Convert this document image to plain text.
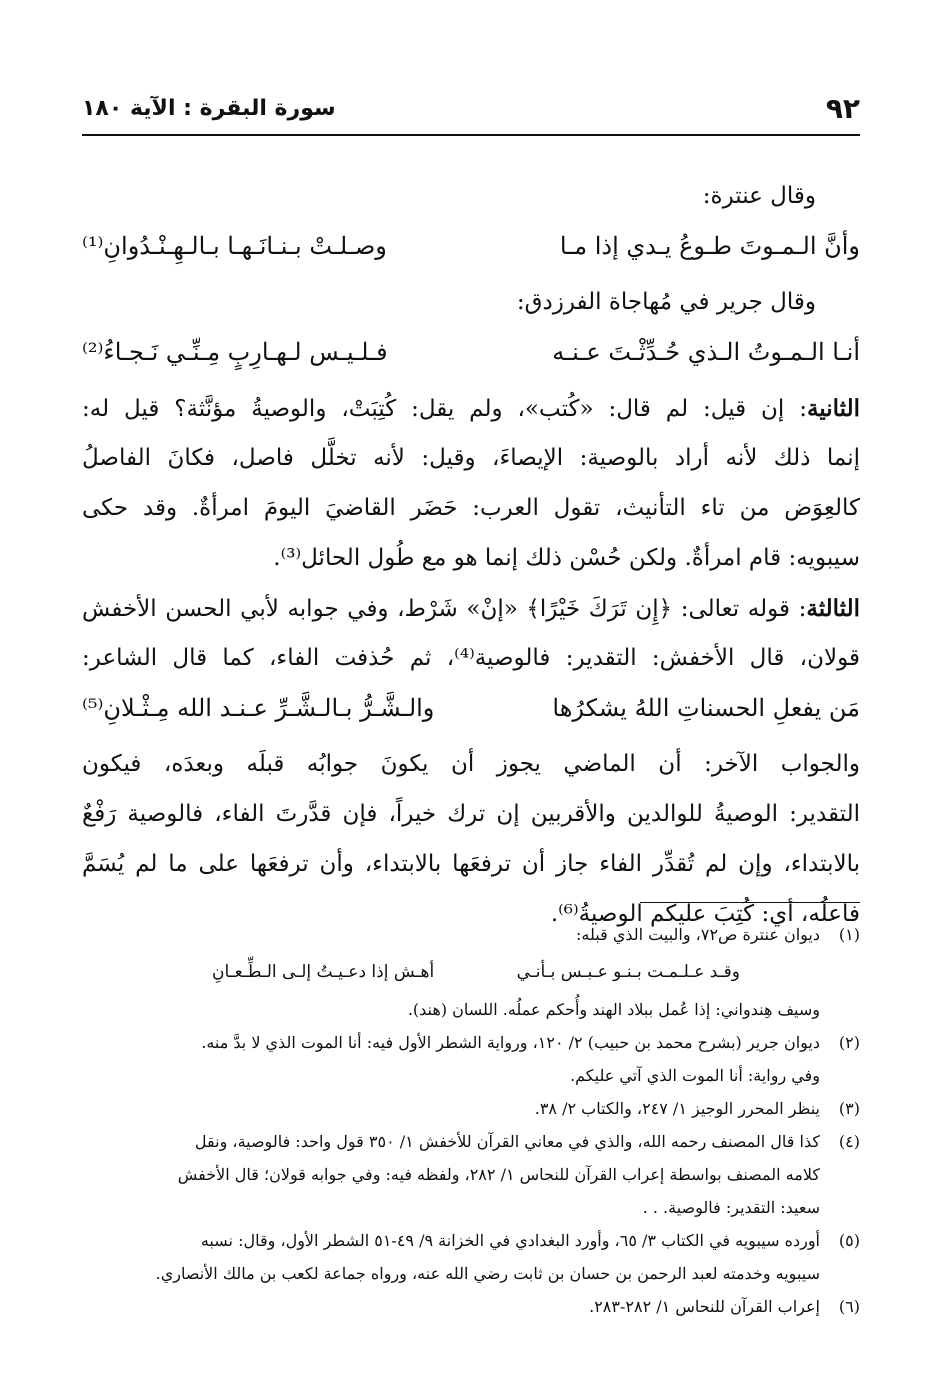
٩٢
سورة البقرة : الآية ١٨٠
وقال عنترة:
وأنَّ الـمـوتَ طـوعُ يـدي إذا مـا
وصـلـتْ بـنـانَـهـا بـالـهِـنْـدُوانِ⁽¹⁾
وقال جرير في مُهاجاة الفرزدق:
أنـا الـمـوتُ الـذي حُـدِّثْـتَ عـنـه
فـلـيـس لـهـارِبٍ مِـنِّـي نَـجـاءُ⁽²⁾
الثانية: إن قيل: لم قال: «كُتب»، ولم يقل: كُتِبَتْ، والوصيةُ مؤنَّثة؟ قيل له:
إنما ذلك لأنه أراد بالوصية: الإيصاءَ، وقيل: لأنه تخلَّل فاصل، فكانَ الفاصلُ
كالعِوَض من تاء التأنيث، تقول العرب: حَضَر القاضيَ اليومَ امرأةٌ. وقد حكى
سيبويه: قام امرأةٌ. ولكن حُسْن ذلك إنما هو مع طُول الحائل⁽³⁾.
الثالثة: قوله تعالى: ﴿إِن تَرَكَ خَيْرًا﴾ «إنْ» شَرْط، وفي جوابه لأبي الحسن الأخفش
قولان، قال الأخفش: التقدير: فالوصية⁽⁴⁾، ثم حُذفت الفاء، كما قال الشاعر:
مَن يفعلِ الحسناتِ اللهُ يشكرُها
والـشَّـرُّ بـالـشَّـرِّ عـنـد الله مِـثْـلانِ⁽⁵⁾
والجواب الآخر: أن الماضي يجوز أن يكونَ جوابُه قبلَه وبعدَه، فيكون
التقدير: الوصيةُ للوالدين والأقربين إن ترك خيراً، فإن قدَّرتَ الفاء، فالوصية رَفْعٌ
بالابتداء، وإن لم تُقدِّر الفاء جاز أن ترفعَها بالابتداء، وأن ترفعَها على ما لم يُسَمَّ
فاعلُه، أي: كُتِبَ عليكم الوصيةُ⁽⁶⁾.
(١)
ديوان عنترة ص٧٢، والبيت الذي قبله:
وقـد عـلـمـت بـنـو عـبـس بـأنـي
أهـش إذا دعـيـتُ إلـى الـطِّـعـانِ
وسيف هِندواني: إذا عُمل ببلاد الهند وأُحكم عملُه. اللسان (هند).
(٢)
ديوان جرير (بشرح محمد بن حبيب) ٢/ ١٢٠، ورواية الشطر الأول فيه: أنا الموت الذي لا بدَّ منه.
وفي رواية: أنا الموت الذي آتي عليكم.
(٣)
ينظر المحرر الوجيز ١/ ٢٤٧، والكتاب ٢/ ٣٨.
(٤)
كذا قال المصنف رحمه الله، والذي في معاني القرآن للأخفش ١/ ٣٥٠ قول واحد: فالوصية، ونقل
كلامه المصنف بواسطة إعراب القرآن للنحاس ١/ ٢٨٢، ولفظه فيه: وفي جوابه قولان؛ قال الأخفش
سعيد: التقدير: فالوصية. . .
(٥)
أورده سيبويه في الكتاب ٣/ ٦٥، وأورد البغدادي في الخزانة ٩/ ٤٩-٥١ الشطر الأول، وقال: نسبه
سيبويه وخدمته لعبد الرحمن بن حسان بن ثابت رضي الله عنه، ورواه جماعة لكعب بن مالك الأنصاري.
(٦)
إعراب القرآن للنحاس ١/ ٢٨٢-٢٨٣.
